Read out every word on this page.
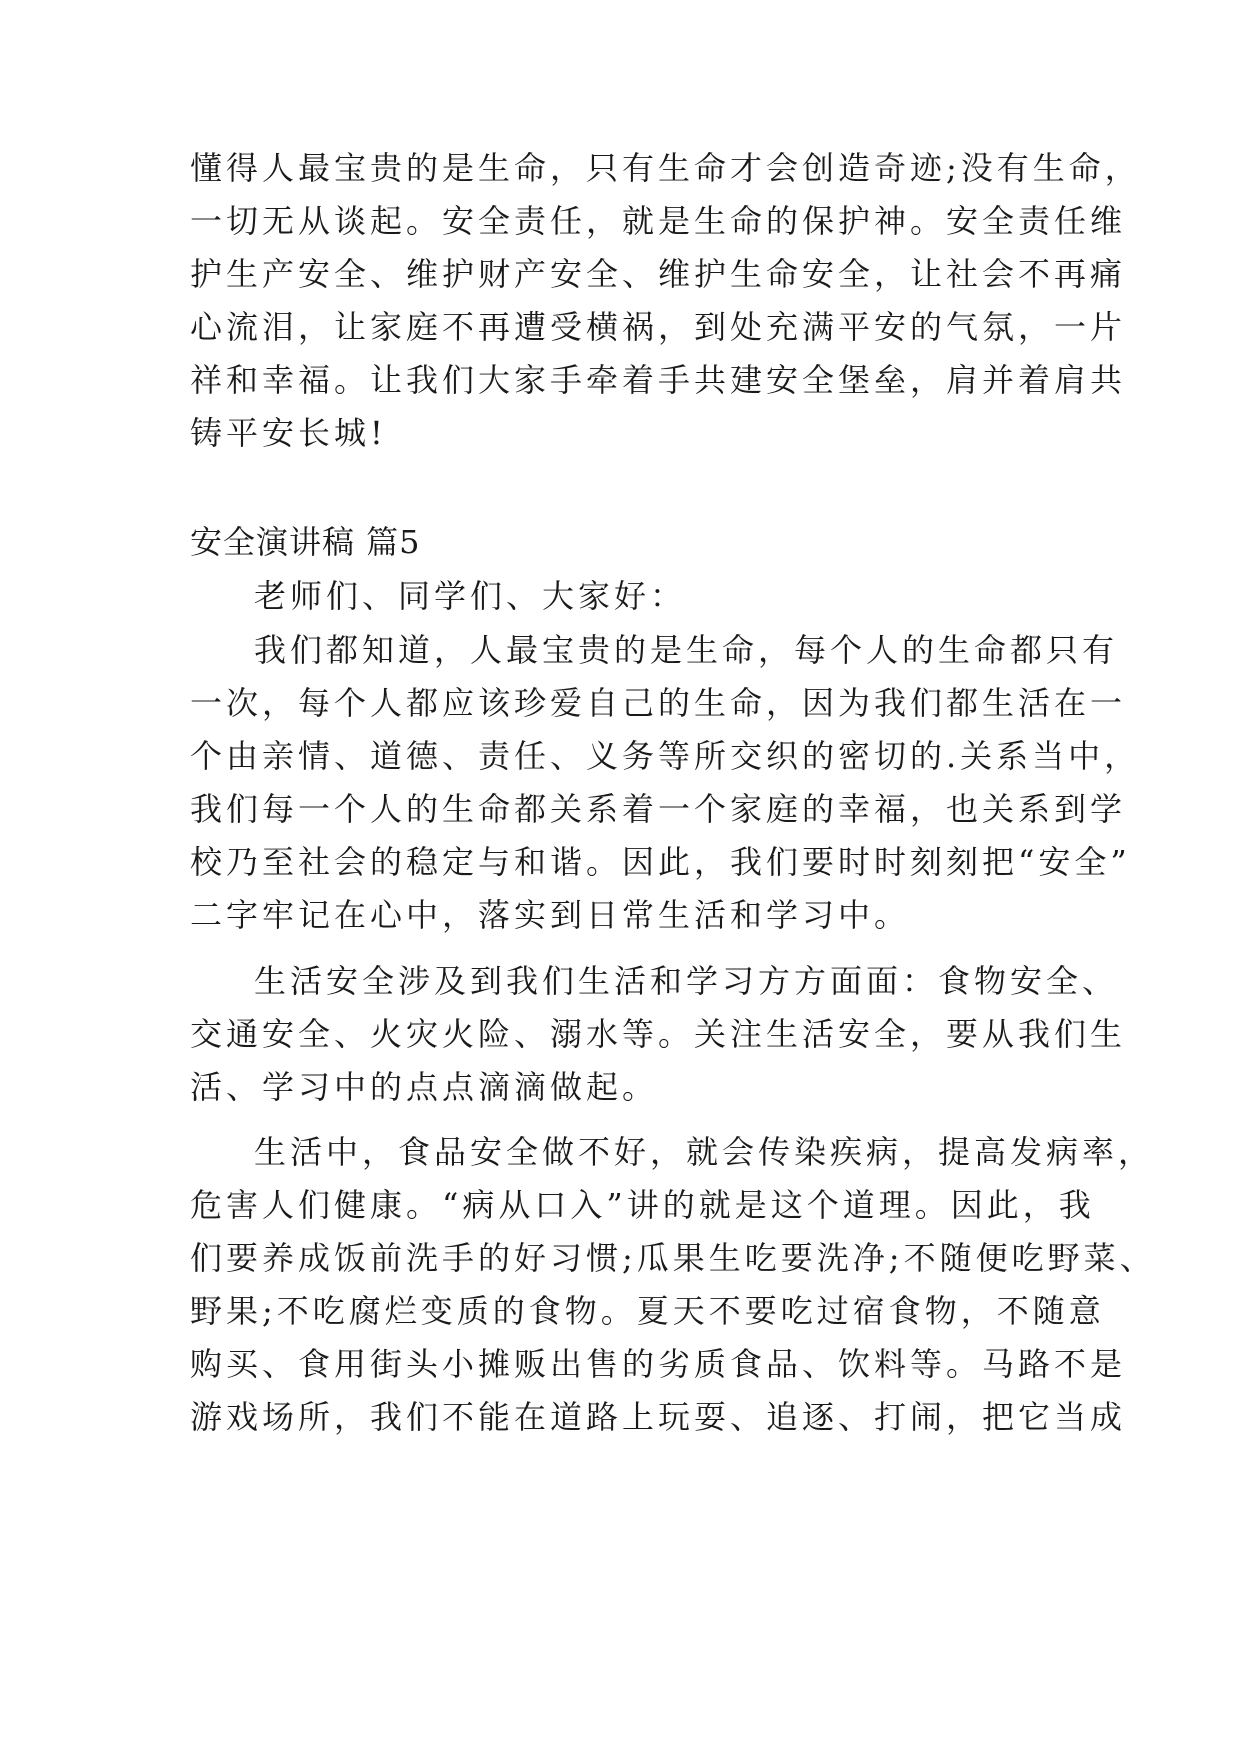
懂得人最宝贵的是生命，只有生命才会创造奇迹;没有生命，
一切无从谈起。安全责任，就是生命的保护神。安全责任维
护生产安全、维护财产安全、维护生命安全，让社会不再痛
心流泪，让家庭不再遭受横祸，到处充满平安的气氛，一片
祥和幸福。让我们大家手牵着手共建安全堡垒，肩并着肩共
铸平安长城!
安全演讲稿 篇5
老师们、同学们、大家好：
我们都知道，人最宝贵的是生命，每个人的生命都只有
一次，每个人都应该珍爱自己的生命，因为我们都生活在一
个由亲情、道德、责任、义务等所交织的密切的.关系当中，
我们每一个人的生命都关系着一个家庭的幸福，也关系到学
校乃至社会的稳定与和谐。因此，我们要时时刻刻把“安全”
二字牢记在心中，落实到日常生活和学习中。
生活安全涉及到我们生活和学习方方面面：食物安全、
交通安全、火灾火险、溺水等。关注生活安全，要从我们生
活、学习中的点点滴滴做起。
生活中，食品安全做不好，就会传染疾病，提高发病率，
危害人们健康。“病从口入”讲的就是这个道理。因此，我
们要养成饭前洗手的好习惯;瓜果生吃要洗净;不随便吃野菜、
野果;不吃腐烂变质的食物。夏天不要吃过宿食物，不随意
购买、食用街头小摊贩出售的劣质食品、饮料等。马路不是
游戏场所，我们不能在道路上玩耍、追逐、打闹，把它当成
